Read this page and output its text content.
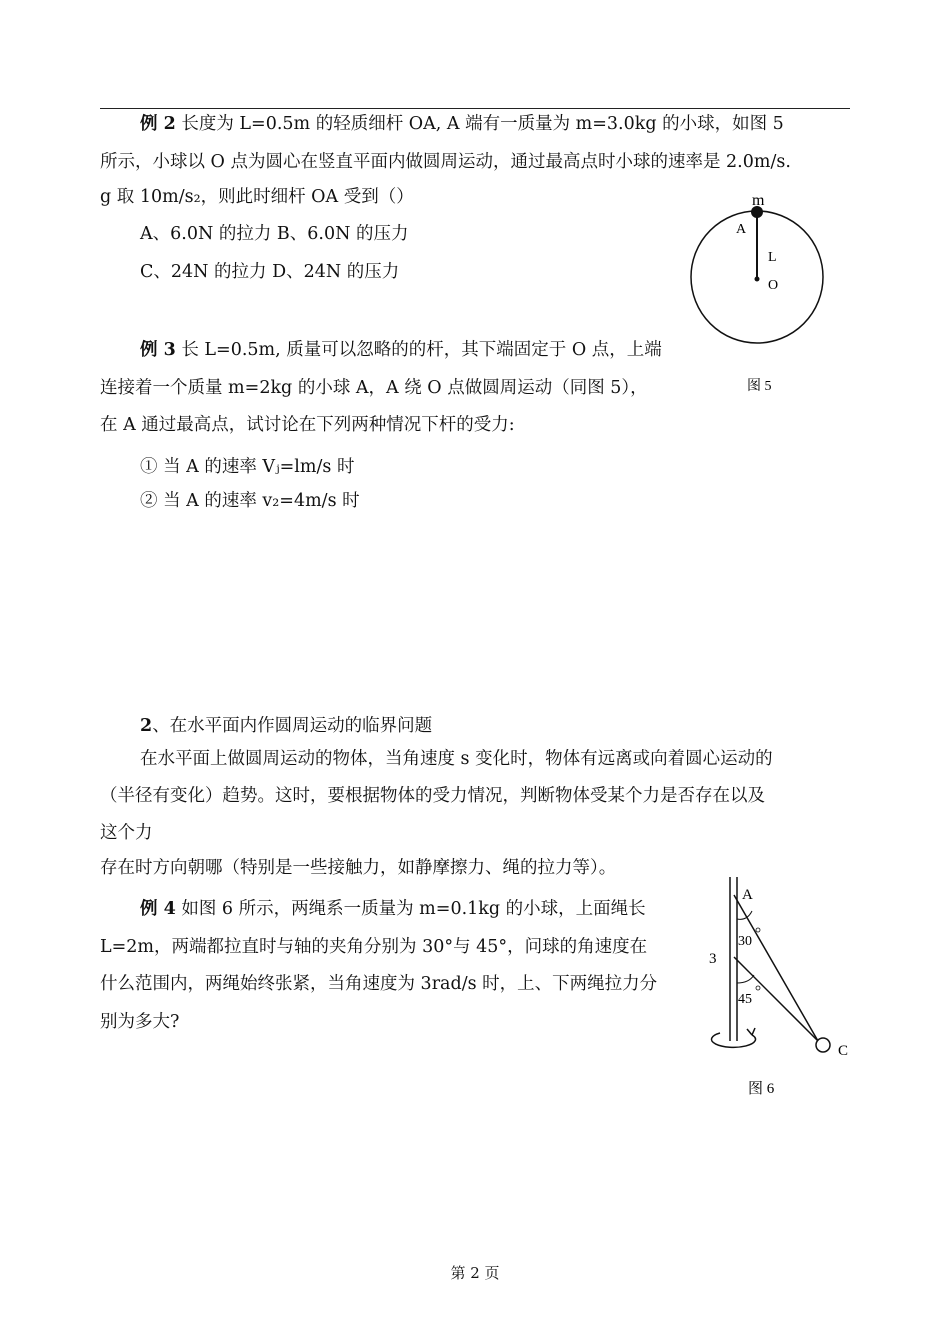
例 2 长度为 L=0.5m 的轻质细杆 OA, A 端有一质量为 m=3.0kg 的小球，如图 5
所示，小球以 O 点为圆心在竖直平面内做圆周运动，通过最高点时小球的速率是 2.0m/s.
g 取 10m/s₂，则此时细杆 OA 受到（）
A、6.0N 的拉力 B、6.0N 的压力
C、24N 的拉力 D、24N 的压力
m
A
L
O
图 5
例 3 长 L=0.5m, 质量可以忽略的的杆，其下端固定于 O 点，上端
连接着一个质量 m=2kg 的小球 A，A 绕 O 点做圆周运动（同图 5），
在 A 通过最高点，试讨论在下列两种情况下杆的受力:
① 当 A 的速率 Vⱼ=lm/s 时
② 当 A 的速率 v₂=4m/s 时
2、在水平面内作圆周运动的临界问题
在水平面上做圆周运动的物体，当角速度 s 变化时，物体有远离或向着圆心运动的
（半径有变化）趋势。这时，要根据物体的受力情况，判断物体受某个力是否存在以及
这个力
存在时方向朝哪（特别是一些接触力，如静摩擦力、绳的拉力等）。
例 4 如图 6 所示，两绳系一质量为 m=0.1kg 的小球，上面绳长
L=2m，两端都拉直时与轴的夹角分别为 30°与 45°，问球的角速度在
什么范围内，两绳始终张紧，当角速度为 3rad/s 时，上、下两绳拉力分
别为多大?
A
3
C
30
45
图 6
第 2 页
